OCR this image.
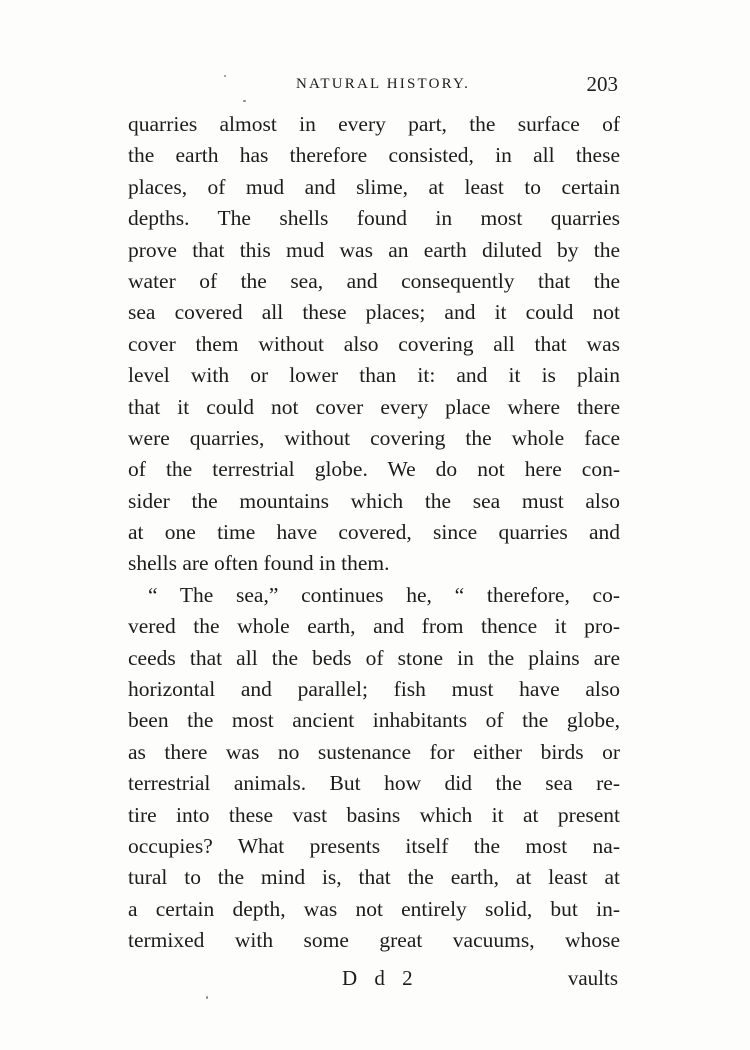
NATURAL HISTORY.	203
quarries almost in every part, the surface of
the earth has therefore consisted, in all these
places, of mud and slime, at least to certain
depths. The shells found in most quarries
prove that this mud was an earth diluted by the
water of the sea, and consequently that the
sea covered all these places; and it could not
cover them without also covering all that was
level with or lower than it: and it is plain
that it could not cover every place where there
were quarries, without covering the whole face
of the terrestrial globe. We do not here con-
sider the mountains which the sea must also
at one time have covered, since quarries and
shells are often found in them.
“ The sea,” continues he, “ therefore, co-
vered the whole earth, and from thence it pro-
ceeds that all the beds of stone in the plains are
horizontal and parallel; fish must have also
been the most ancient inhabitants of the globe,
as there was no sustenance for either birds or
terrestrial animals. But how did the sea re-
tire into these vast basins which it at present
occupies? What presents itself the most na-
tural to the mind is, that the earth, at least at
a certain depth, was not entirely solid, but in-
termixed with some great vacuums, whose
D d 2	vaults
